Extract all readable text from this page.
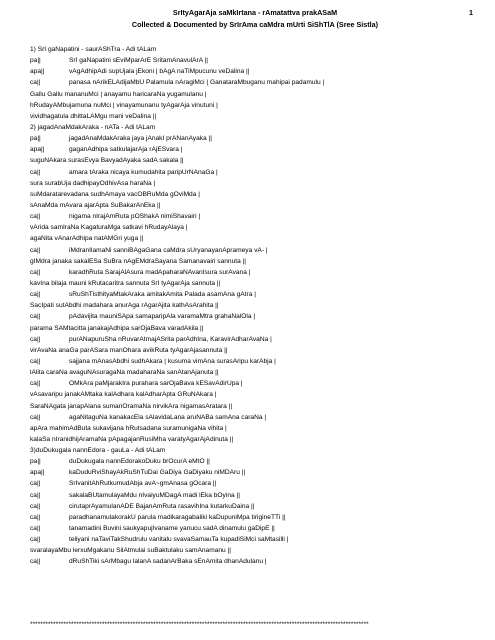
SrItyAgarAja saMkIrtana - rAmatattva prakASaM
Collected & Documented by SrIrAma caMdra mUrti SiShTlA (Sree Sistla)
1
1) SrI gaNapatini - saurAShTra - Adi tALam
pa||	SrI gaNapatini sEviMparArE SritamAnavulArA ||
apa||	vAgAdhipAdi supUjala jEkoni | bAgA naTiMpucunu veDalina ||
ca||	panasa nArikELAdijaMbU Palamula nAragiMci | GanataraMbuganu mahipai padamulu |
Gallu Gallu mananuMci | anayamu haricaraNa yugamulanu |
hRudayAMbujamuna nuMci | vinayamunanu tyAgarAja vinutuni |
vividhagatula dhittaLAMgu mani veDalina ||
2) jagadAnaMdakAraka - nATa - Adi tALam
pa||	jagadAnaMdakAraka jaya jAnakI prANanAyaka ||
apa||	gaganAdhipa satkulajarAja rAjESvara |
suguNAkara surasEvya BavyadAyaka sadA sakala ||
ca||	amara tAraka nicaya kumudahita paripUrNAnaGa |
sura surabUja dadhipayOdhivAsa haraNa |
suMdaratarevadana sudhAmaya vacOBRuMda gOviMda |
sAnaMda mAvara ajarApta SuBakarAnEka ||
ca||	nigama nIrajAmRuta pOShakA nimiShavairi |
vArida samIraNa KagaturaMga satkavi hRudayAlaya |
agaNita vAnarAdhipa natAMGri yuga ||
ca||	iMdranIlamaNi sanniBAgaGana caMdra sUryanayanAprameya vA- |
gIMdra janaka sakalESa SuBra nAgEMdraSayana Samanavairi sannuta ||
ca||	karadhRuta SarajAlAsura madApaharaNAvanIsura surAvana |
kavIna bilaja mauni kRutacaritra sannuta SrI tyAgarAja sannuta ||
ca||	sRuShTisthityaMtakAraka amitakAmita Palada asamAna gAtra |
SacIpati sutAbdhi madahara anurAga rAgarAjita kathAsArahita ||
ca||	pAdavijita mauniSApa samaparipAla varamaMtra grahaNalOla |
parama SAMtacitta janakajAdhipa sarOjaBava varadAkila ||
ca||	purANapuruSha nRuvarAtmajASrita parAdhIna, KaravirAdharAvaNa |
virAvaNa anaGa parASara manOhara avikRuta tyAgarAjasannuta ||
ca||	sajjana mAnasAbdhi sudhAkara | kusuma vimAna surasAripu karAbja |
lAlita caraNa avaguNAsuragaNa madaharaNa sanAtanAjanuta ||
ca||	OMkAra paMjarakIra purahara sarOjaBava kESavAdirUpa |
vAsavaripu janakAMtaka kalAdhara kalAdharApta GRuNAkara |
SaraNAgata janapAlana sumanOramaNa nirvikAra nigamasAratara ||
ca||	agaNitaguNa kanakacEla sAlavidaLana aruNABa samAna caraNa |
apAra mahimAdButa sukavijana hRutsadana suramunigaNa vihita |
kalaSa nIranidhijAramaNa pApagajanRusiMha varatyAgarAjAdinuta ||
3)duDukugala nannEdora - gauLa - Adi tALam
pa||	duDukugala nannEdorakoDuku brOcurA eMtO ||
apa||	kaDuduRviShayAkRuShTuDai GaDiya GaDiyaku niMDAru ||
ca||	SrIvanitAhRutkumudAbja avA~gmAnasa gOcara ||
ca||	sakalaBUtamulayaMdu nIvaiyuMDagA madi lEka bOyina ||
ca||	cirutaprAyamulanADE BajanAmRuta rasavihIna kutarkuDaina ||
ca||	paradhanamulakorakU parula madikaragabaliki kaDupuniMpa tirigineTTi ||
ca||	tanamadini Buvini saukyapujIvaname yanucu sadA dinamulu gaDipE ||
ca||	teliyani naTaviTakShudrulu vanitalu svavaSamauTa kupadiSiMci saMtasilli |
svaralayaMbu lerxuMgakanu SilAtmulai suBaktulaku samAnamanu ||
ca||	dRuShTiki sArMbagu lalanA sadanArBaka sEnAmita dhanAdulanu |
************************************************************************************************************************************
